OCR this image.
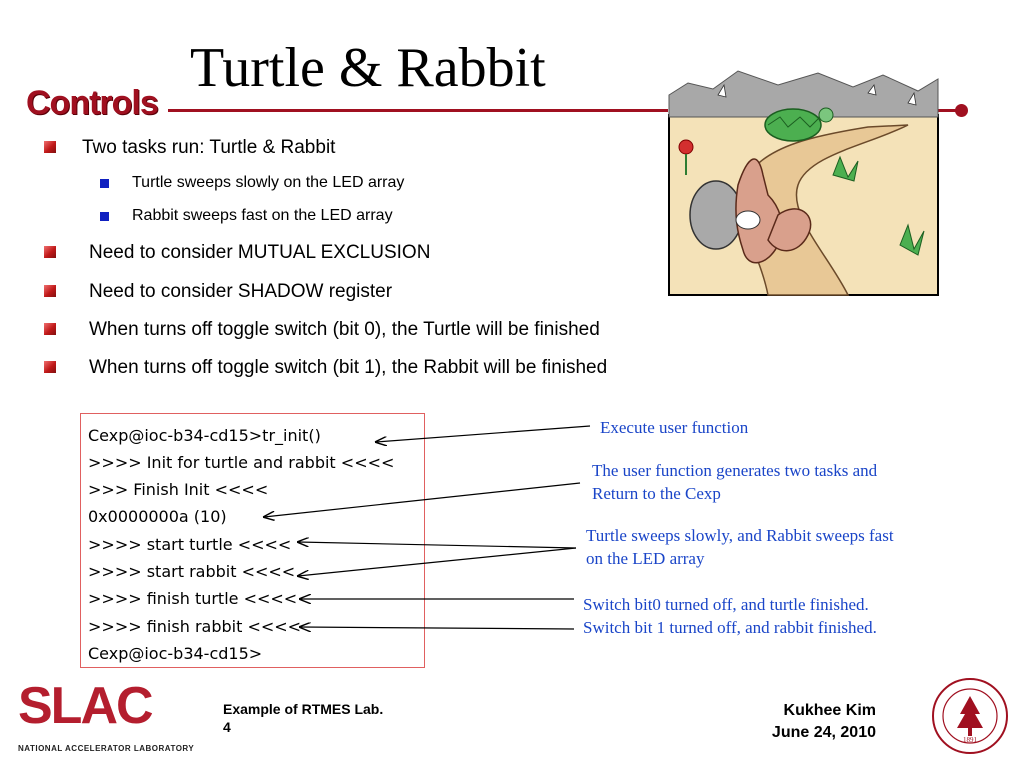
Turtle & Rabbit
Controls
Two tasks run: Turtle & Rabbit
Turtle sweeps slowly on the LED array
Rabbit sweeps fast on the LED array
Need to consider MUTUAL EXCLUSION
Need to consider SHADOW register
When turns off toggle switch (bit 0), the Turtle will be finished
When turns off toggle switch (bit 1), the Rabbit will be finished
Cexp@ioc-b34-cd15>tr_init()
>>>> Init for turtle and rabbit <<<<
>>> Finish Init <<<<
0x0000000a (10)
>>>> start turtle <<<<
>>>> start rabbit <<<<
>>>> finish turtle <<<<
>>>> finish rabbit <<<<
Cexp@ioc-b34-cd15>
Execute user function
The user function generates two tasks and
Return to the Cexp
Turtle sweeps slowly, and Rabbit sweeps fast
on the LED array
Switch bit0 turned off, and turtle finished.
Switch bit 1 turned off, and rabbit finished.
SLAC
NATIONAL ACCELERATOR LABORATORY
Example of RTMES Lab.
4
Kukhee Kim
June 24, 2010	1891
